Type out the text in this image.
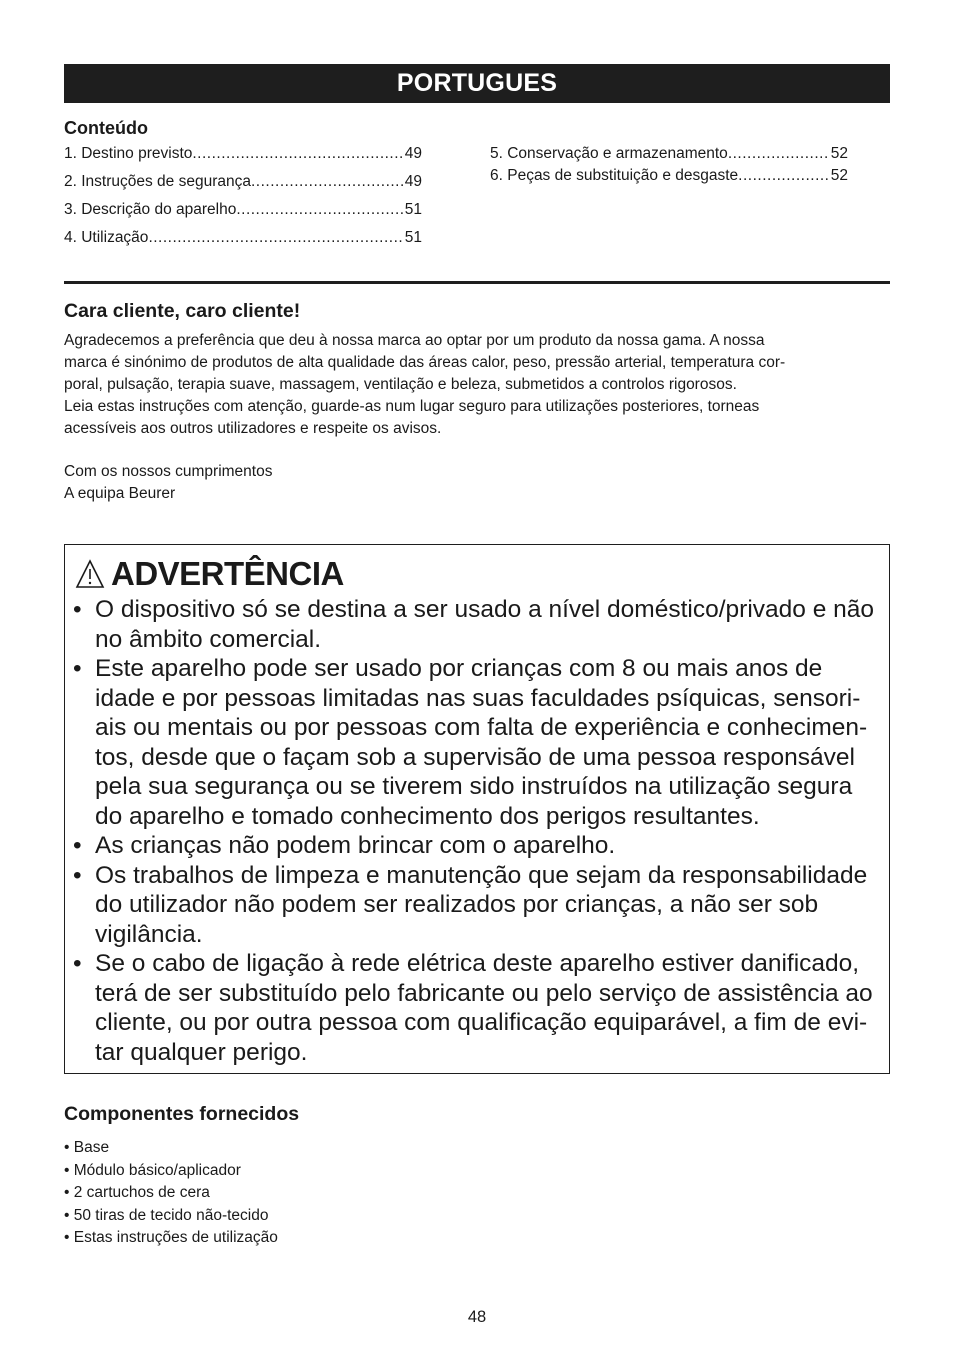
PORTUGUES
Conteúdo
1. Destino previsto .....	49
2. Instruções de segurança .....	49
3. Descrição do aparelho .....	51
4. Utilização .....	51
5. Conservação e armazenamento .....	52
6. Peças de substituição e desgaste .....	52
Cara cliente, caro cliente!
Agradecemos a preferência que deu à nossa marca ao optar por um produto da nossa gama. A nossa
marca é sinónimo de produtos de alta qualidade das áreas calor, peso, pressão arterial, temperatura cor-
poral, pulsação, terapia suave, massagem, ventilação e beleza, submetidos a controlos rigorosos.
Leia estas instruções com atenção, guarde-as num lugar seguro para utilizações posteriores, torneas
acessíveis aos outros utilizadores e respeite os avisos.
Com os nossos cumprimentos
A equipa Beurer
ADVERTÊNCIA
• O dispositivo só se destina a ser usado a nível doméstico/privado e não
no âmbito comercial.
• Este aparelho pode ser usado por crianças com 8 ou mais anos de
idade e por pessoas limitadas nas suas faculdades psíquicas, sensori-
ais ou mentais ou por pessoas com falta de experiência e conhecimen-
tos, desde que o façam sob a supervisão de uma pessoa responsável
pela sua segurança ou se tiverem sido instruídos na utilização segura
do aparelho e tomado conhecimento dos perigos resultantes.
• As crianças não podem brincar com o aparelho.
• Os trabalhos de limpeza e manutenção que sejam da responsabilidade
do utilizador não podem ser realizados por crianças, a não ser sob
vigilância.
• Se o cabo de ligação à rede elétrica deste aparelho estiver danificado,
terá de ser substituído pelo fabricante ou pelo serviço de assistência ao
cliente, ou por outra pessoa com qualificação equiparável, a fim de evi-
tar qualquer perigo.
Componentes fornecidos
• Base
• Módulo básico/aplicador
• 2 cartuchos de cera
• 50 tiras de tecido não-tecido
• Estas instruções de utilização
48
